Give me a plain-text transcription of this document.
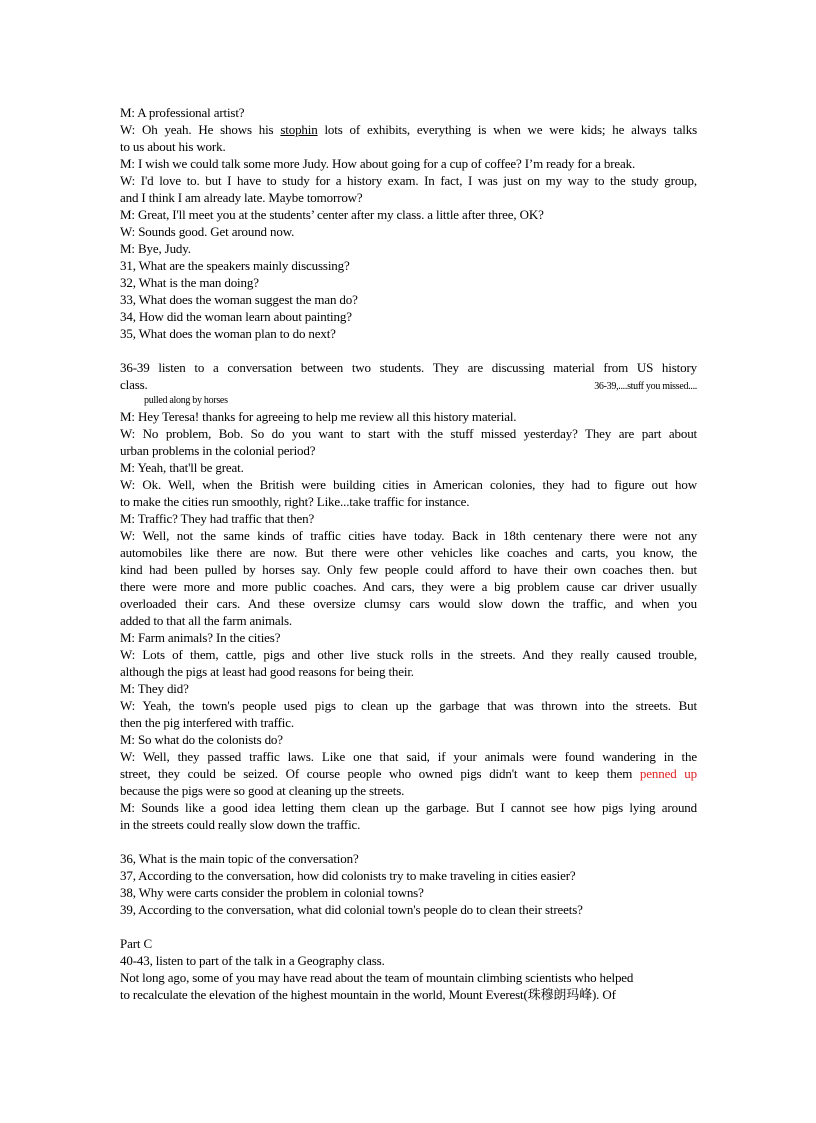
M: A professional artist?
W: Oh yeah. He shows his stophin lots of exhibits, everything is when we were kids; he always talks
to us about his work.
M: I wish we could talk some more Judy. How about going for a cup of coffee? I’m ready for a break.
W: I'd love to. but I have to study for a history exam. In fact, I was just on my way to the study group,
and I think I am already late. Maybe tomorrow?
M: Great, I'll meet you at the students’ center after my class. a little after three, OK?
W: Sounds good. Get around now.
M: Bye, Judy.
31, What are the speakers mainly discussing?
32, What is the man doing?
33, What does the woman suggest the man do?
34, How did the woman learn about painting?
35, What does the woman plan to do next?
36-39 listen to a conversation between two students. They are discussing material from US history
class.	36-39,....stuff you missed....
pulled along by horses
M: Hey Teresa! thanks for agreeing to help me review all this history material.
W: No problem, Bob. So do you want to start with the stuff missed yesterday? They are part about
urban problems in the colonial period?
M: Yeah, that'll be great.
W: Ok. Well, when the British were building cities in American colonies, they had to figure out how
to make the cities run smoothly, right? Like...take traffic for instance.
M: Traffic? They had traffic that then?
W: Well, not the same kinds of traffic cities have today. Back in 18th centenary there were not any
automobiles like there are now. But there were other vehicles like coaches and carts, you know, the
kind had been pulled by horses say. Only few people could afford to have their own coaches then. but
there were more and more public coaches. And cars, they were a big problem cause car driver usually
overloaded their cars. And these oversize clumsy cars would slow down the traffic, and when you
added to that all the farm animals.
M: Farm animals? In the cities?
W: Lots of them, cattle, pigs and other live stuck rolls in the streets. And they really caused trouble,
although the pigs at least had good reasons for being their.
M: They did?
W: Yeah, the town's people used pigs to clean up the garbage that was thrown into the streets. But
then the pig interfered with traffic.
M: So what do the colonists do?
W: Well, they passed traffic laws. Like one that said, if your animals were found wandering in the
street, they could be seized. Of course people who owned pigs didn't want to keep them penned up
because the pigs were so good at cleaning up the streets.
M: Sounds like a good idea letting them clean up the garbage. But I cannot see how pigs lying around
in the streets could really slow down the traffic.
36, What is the main topic of the conversation?
37, According to the conversation, how did colonists try to make traveling in cities easier?
38, Why were carts consider the problem in colonial towns?
39, According to the conversation, what did colonial town's people do to clean their streets?
Part C
40-43, listen to part of the talk in a Geography class.
Not long ago, some of you may have read about the team of mountain climbing scientists who helped
to recalculate the elevation of the highest mountain in the world, Mount Everest(珠穆朗玛峰). Of
